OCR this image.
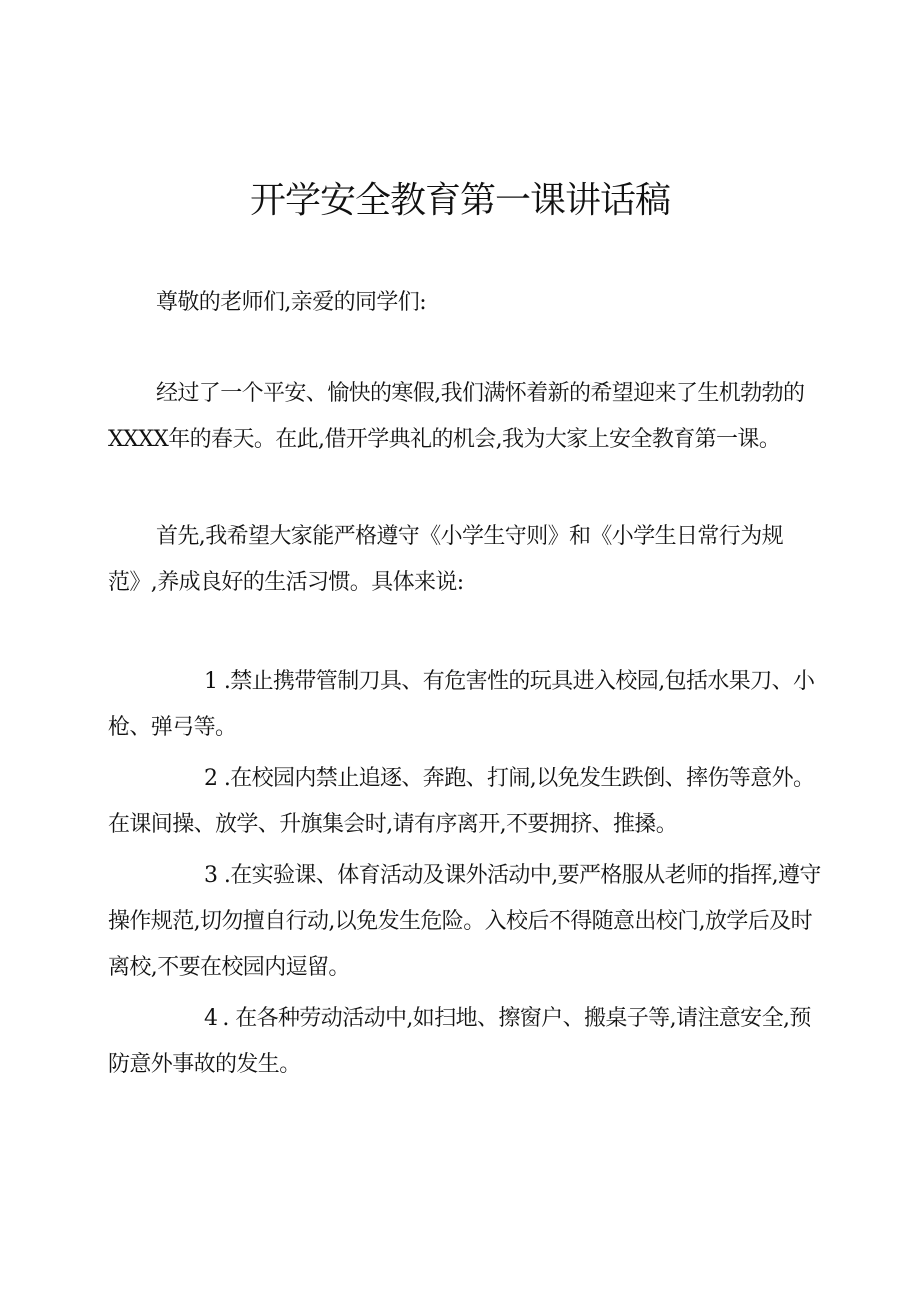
开学安全教育第一课讲话稿

尊敬的老师们,亲爱的同学们:

经过了一个平安、愉快的寒假,我们满怀着新的希望迎来了生机勃勃的XXXX年的春天。在此,借开学典礼的机会,我为大家上安全教育第一课。

首先,我希望大家能严格遵守《小学生守则》和《小学生日常行为规范》,养成良好的生活习惯。具体来说:

1 .禁止携带管制刀具、有危害性的玩具进入校园,包括水果刀、小枪、弹弓等。

2 .在校园内禁止追逐、奔跑、打闹,以免发生跌倒、摔伤等意外。在课间操、放学、升旗集会时,请有序离开,不要拥挤、推搡。

3 .在实验课、体育活动及课外活动中,要严格服从老师的指挥,遵守操作规范,切勿擅自行动,以免发生危险。入校后不得随意出校门,放学后及时离校,不要在校园内逗留。

4 . 在各种劳动活动中,如扫地、擦窗户、搬桌子等,请注意安全,预防意外事故的发生。
